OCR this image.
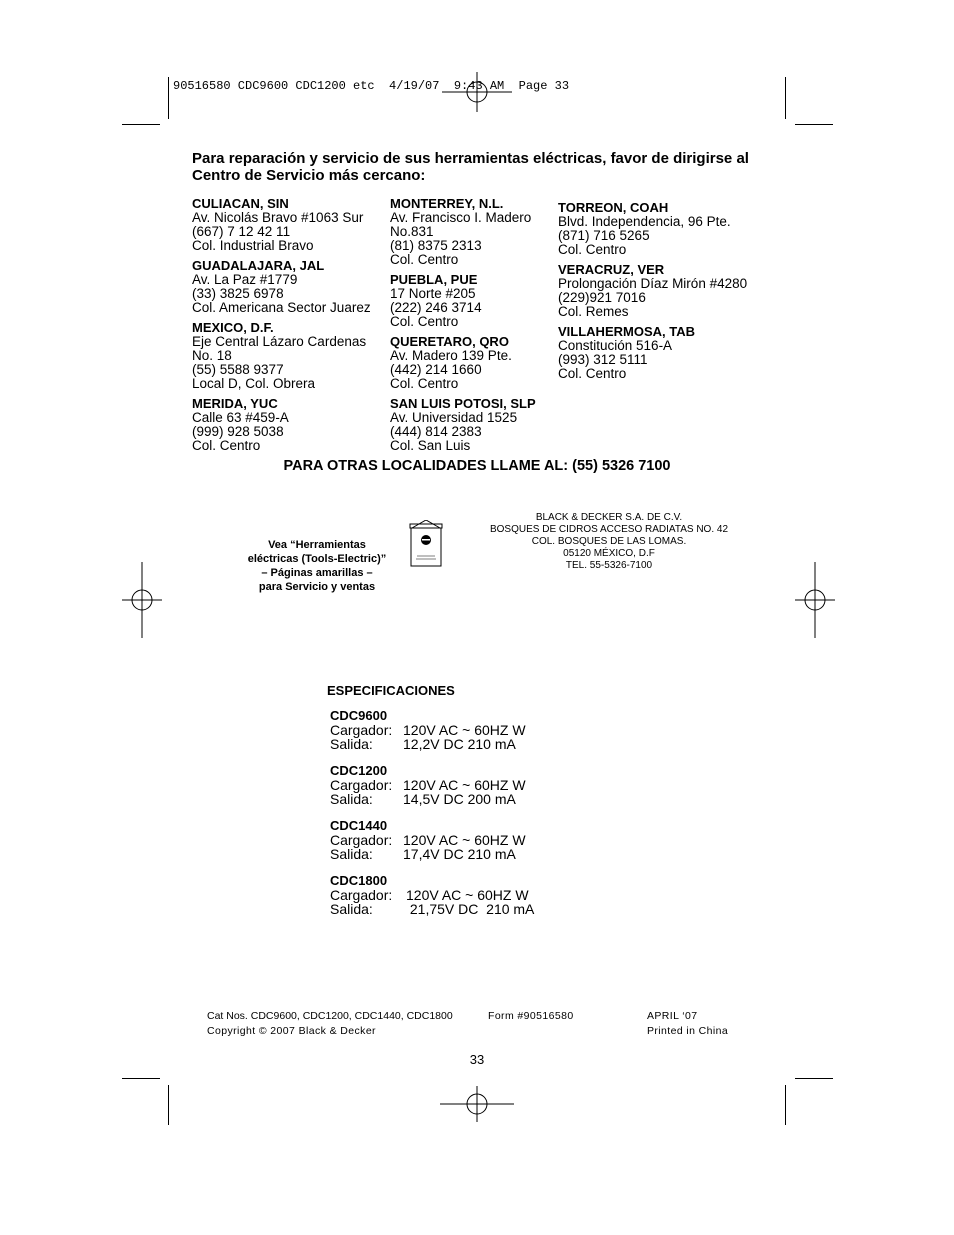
90516580 CDC9600 CDC1200 etc  4/19/07  9:43 AM  Page 33
Para reparación y servicio de sus herramientas eléctricas, favor de dirigirse al Centro de Servicio más cercano:
CULIACAN, SIN
Av. Nicolás Bravo #1063 Sur
(667) 7 12 42 11
Col. Industrial Bravo
GUADALAJARA, JAL
Av. La Paz #1779
(33) 3825 6978
Col. Americana Sector Juarez
MEXICO, D.F.
Eje Central Lázaro Cardenas
No. 18
(55) 5588 9377
Local D, Col. Obrera
MERIDA, YUC
Calle 63 #459-A
(999) 928 5038
Col. Centro
MONTERREY, N.L.
Av. Francisco I. Madero
No.831
(81) 8375 2313
Col. Centro
PUEBLA, PUE
17 Norte #205
(222) 246 3714
Col. Centro
QUERETARO, QRO
Av. Madero 139 Pte.
(442) 214 1660
Col. Centro
SAN LUIS POTOSI, SLP
Av. Universidad 1525
(444) 814 2383
Col. San Luis
TORREON, COAH
Blvd. Independencia, 96 Pte.
(871) 716 5265
Col. Centro
VERACRUZ, VER
Prolongación Díaz Mirón #4280
(229)921 7016
Col. Remes
VILLAHERMOSA, TAB
Constitución 516-A
(993) 312 5111
Col. Centro
PARA OTRAS LOCALIDADES LLAME AL: (55) 5326 7100
Vea “Herramientas
eléctricas (Tools-Electric)”
– Páginas amarillas –
para Servicio y ventas
BLACK & DECKER S.A. DE C.V.
BOSQUES DE CIDROS ACCESO RADIATAS NO. 42
COL. BOSQUES DE LAS LOMAS.
05120 MÉXICO, D.F
TEL. 55-5326-7100
ESPECIFICACIONES
CDC9600
Cargador: 120V AC ~ 60HZ W
Salida:	12,2V DC 210 mA
CDC1200
Cargador: 120V AC ~ 60HZ W
Salida:	14,5V DC 200 mA
CDC1440
Cargador: 120V AC ~ 60HZ W
Salida:	17,4V DC 210 mA
CDC1800
Cargador: 120V AC ~ 60HZ W
Salida:	21,75V DC  210 mA
Cat Nos. CDC9600, CDC1200, CDC1440, CDC1800	Form #90516580	APRIL ‘07
Copyright © 2007 Black & Decker	Printed in China
33
